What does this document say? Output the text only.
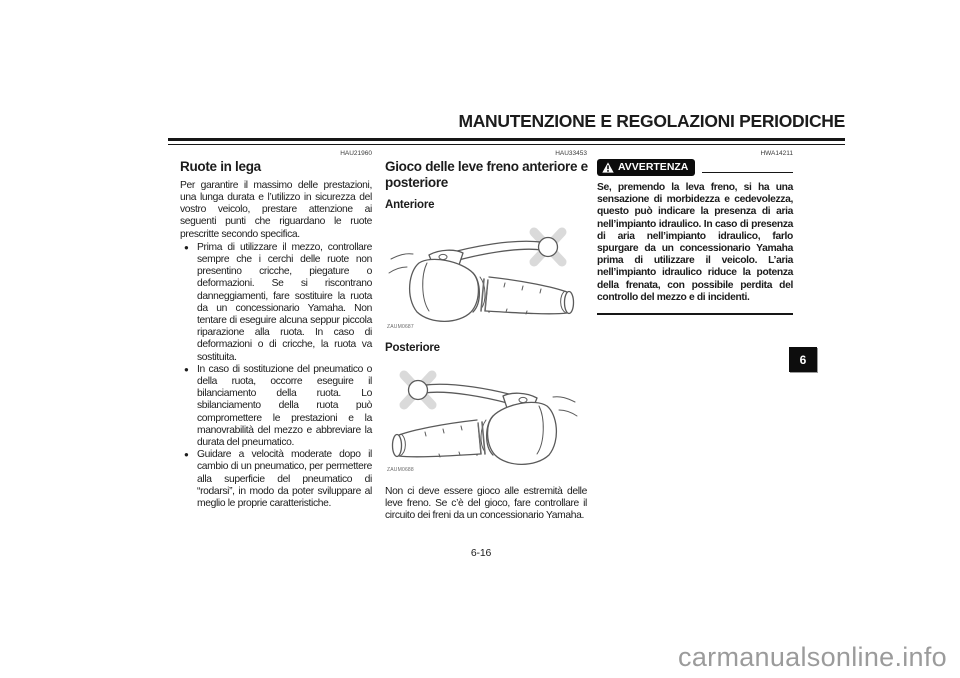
MANUTENZIONE E REGOLAZIONI PERIODICHE
HAU21960
Ruote in lega

Per garantire il massimo delle prestazioni, una lunga durata e l’utilizzo in sicurezza del vostro veicolo, prestare attenzione ai seguenti punti che riguardano le ruote prescritte secondo specifica.

● Prima di utilizzare il mezzo, controllare sempre che i cerchi delle ruote non presentino cricche, piegature o deformazioni. Se si riscontrano danneggiamenti, fare sostituire la ruota da un concessionario Yamaha. Non tentare di eseguire alcuna seppur piccola riparazione alla ruota. In caso di deformazioni o di cricche, la ruota va sostituita.
● In caso di sostituzione del pneumatico o della ruota, occorre eseguire il bilanciamento della ruota. Lo sbilanciamento della ruota può compromettere le prestazioni e la manovrabilità del mezzo e abbreviare la durata del pneumatico.
● Guidare a velocità moderate dopo il cambio di un pneumatico, per permettere alla superficie del pneumatico di “rodarsi”, in modo da poter sviluppare al meglio le proprie caratteristiche.
HAU33453
Gioco delle leve freno anteriore e posteriore
Anteriore
ZAUM0687
Posteriore
ZAUM0688

Non ci deve essere gioco alle estremità delle leve freno. Se c’è del gioco, fare controllare il circuito dei freni da un concessionario Yamaha.

HWA14211
AVVERTENZA

Se, premendo la leva freno, si ha una sensazione di morbidezza e cedevolezza, questo può indicare la presenza di aria nell’impianto idraulico. In caso di presenza di aria nell’impianto idraulico, farlo spurgare da un concessionario Yamaha prima di utilizzare il veicolo. L’aria nell’impianto idraulico riduce la potenza della frenata, con possibile perdita del controllo del mezzo e di incidenti.

6
6-16
carmanualsonline.info
